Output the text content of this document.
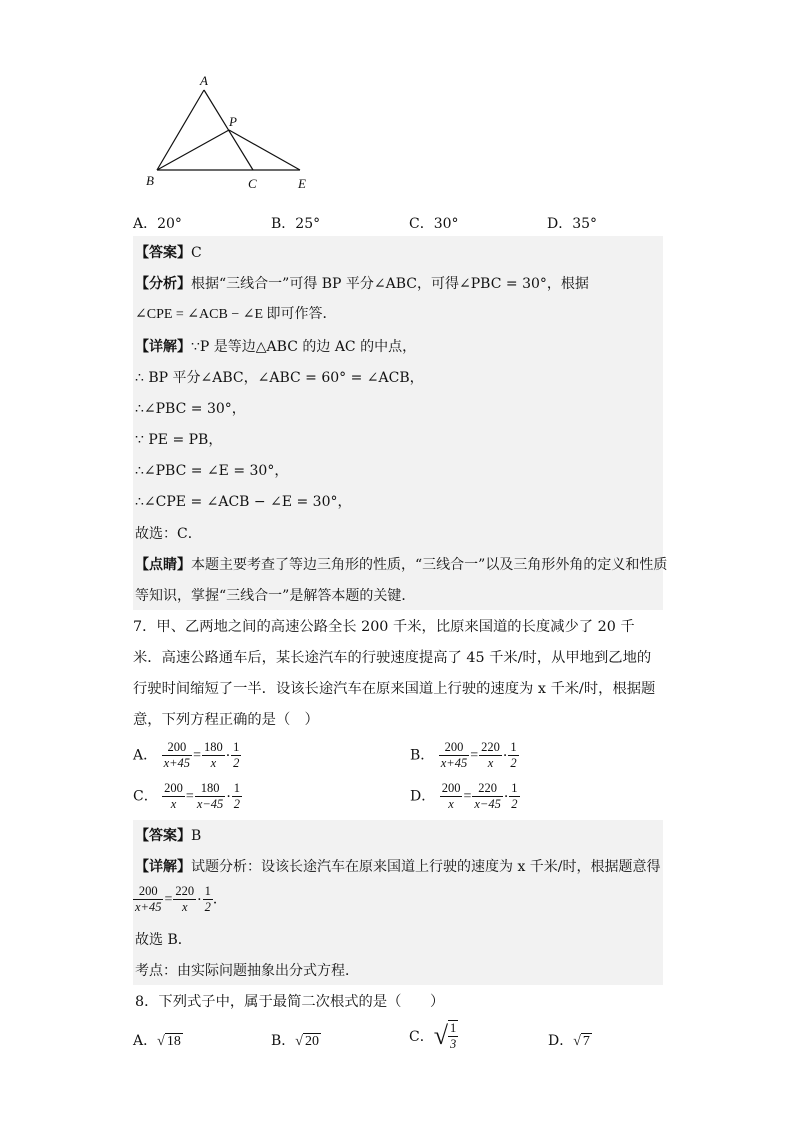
A
P
B	C	E
A．20°	B．25°	C．30°	D．35°
【答案】C
【分析】根据“三线合一”可得 BP 平分∠ABC，可得∠PBC = 30°，根据
∠CPE = ∠ACB − ∠E 即可作答．
【详解】∵P 是等边△ABC 的边 AC 的中点，
∴ BP 平分∠ABC，∠ABC = 60° = ∠ACB，
∴∠PBC = 30°，
∵ PE = PB，
∴∠PBC = ∠E = 30°，
∴∠CPE = ∠ACB − ∠E = 30°，
故选：C．
【点睛】本题主要考查了等边三角形的性质，“三线合一”以及三角形外角的定义和性质
等知识，掌握“三线合一”是解答本题的关键．
7．甲、乙两地之间的高速公路全长 200 千米，比原来国道的长度减少了 20 千米．高速公路通车后，某长途汽车的行驶速度提高了 45 千米/时，从甲地到乙地的行驶时间缩短了一半．设该长途汽车在原来国道上行驶的速度为 x 千米/时，根据题意，下列方程正确的是（　）
A． $\frac{200}{x+45} = \frac{180}{x} \cdot \frac{1}{2}$	B． $\frac{200}{x+45} = \frac{220}{x} \cdot \frac{1}{2}$
C． $\frac{200}{x} = \frac{180}{x-45} \cdot \frac{1}{2}$	D． $\frac{200}{x} = \frac{220}{x-45} \cdot \frac{1}{2}$
【答案】B
【详解】试题分析：设该长途汽车在原来国道上行驶的速度为 x 千米/时，根据题意得
$\frac{200}{x+45} = \frac{220}{x} \cdot \frac{1}{2}$ ．
故选 B．
考点：由实际问题抽象出分式方程．
8．下列式子中，属于最简二次根式的是（　　）
A．√ 18	B．√ 20	C．√ $\frac{1}{3}$	D．√ 7
